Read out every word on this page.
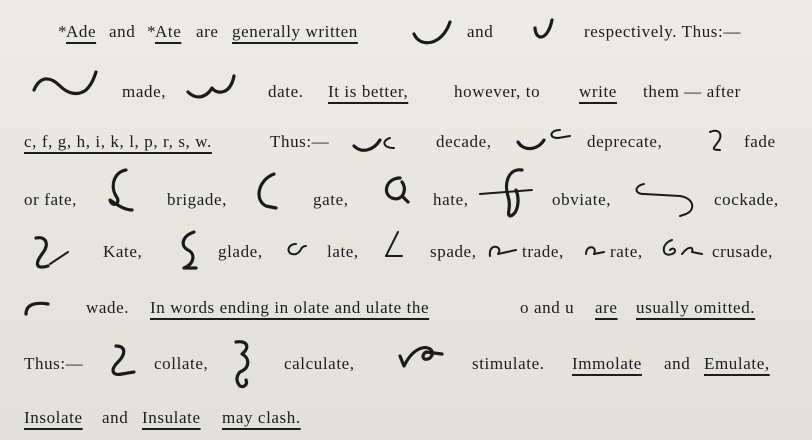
*
Ade and *
Ate are generally written	and	respectively. Thus:—
made,	date. It is better,	however, to write them — after
c, f, g, h, i, k, l, p, r, s, w.	Thus:—	decade,	deprecate,	fade
or fate,	brigade,	gate,	hate,	obviate,	cockade,
Kate,	glade,	late,	spade,	trade,	rate,	crusade,
wade. In words ending in olate and ulate the	o and u are usually omitted.
Thus:—	collate,	calculate,	stimulate. Immolate and Emulate,
Insolate and Insulate may clash.
